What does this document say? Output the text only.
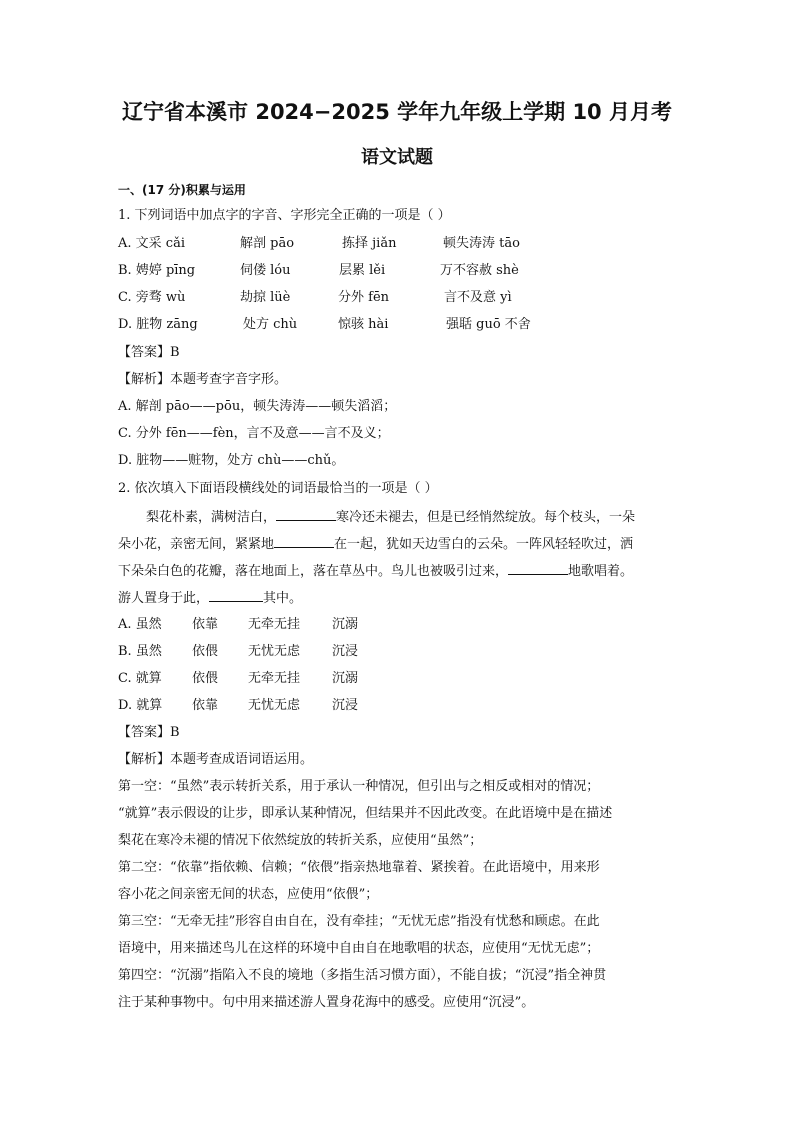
辽宁省本溪市 2024−2025 学年九年级上学期 10 月月考
语文试题
一、(17 分)积累与运用
1. 下列词语中加点字的字音、字形完全正确的一项是（ ）
A. 文采 cǎi	解剖 pāo	拣择 jiǎn	顿失涛涛 tāo
B. 娉婷 pīng	伺偻 lóu	层累 lěi	万不容赦 shè
C. 旁骛 wù	劫掠 lüè	分外 fēn	言不及意 yì
D. 脏物 zāng	处方 chù	惊骇 hài	强聒 guō 不舍
【答案】B
【解析】本题考查字音字形。
A. 解剖 pāo——pōu，顿失涛涛——顿失滔滔；
C. 分外 fēn——fèn，言不及意——言不及义；
D. 脏物——赃物，处方 chù——chǔ。
2. 依次填入下面语段横线处的词语最恰当的一项是（ ）
梨花朴素，满树洁白，	寒冷还未褪去，但是已经悄然绽放。每个枝头，一朵
朵小花，亲密无间，紧紧地	在一起，犹如天边雪白的云朵。一阵风轻轻吹过，洒
下朵朵白色的花瓣，落在地面上，落在草丛中。鸟儿也被吸引过来，	地歌唱着。
游人置身于此，	其中。
A. 虽然 依靠 无牵无挂 沉溺
B. 虽然 依偎 无忧无虑 沉浸
C. 就算 依偎 无牵无挂 沉溺
D. 就算 依靠 无忧无虑 沉浸
【答案】B
【解析】本题考查成语词语运用。
第一空：“虽然”表示转折关系，用于承认一种情况，但引出与之相反或相对的情况；
“就算”表示假设的让步，即承认某种情况，但结果并不因此改变。在此语境中是在描述
梨花在寒冷未褪的情况下依然绽放的转折关系，应使用“虽然”；
第二空：“依靠”指依赖、信赖；“依偎”指亲热地靠着、紧挨着。在此语境中，用来形
容小花之间亲密无间的状态，应使用“依偎”；
第三空：“无牵无挂”形容自由自在，没有牵挂；“无忧无虑”指没有忧愁和顾虑。在此
语境中，用来描述鸟儿在这样的环境中自由自在地歌唱的状态，应使用“无忧无虑”；
第四空：“沉溺”指陷入不良的境地（多指生活习惯方面），不能自拔；“沉浸”指全神贯
注于某种事物中。句中用来描述游人置身花海中的感受。应使用“沉浸”。
